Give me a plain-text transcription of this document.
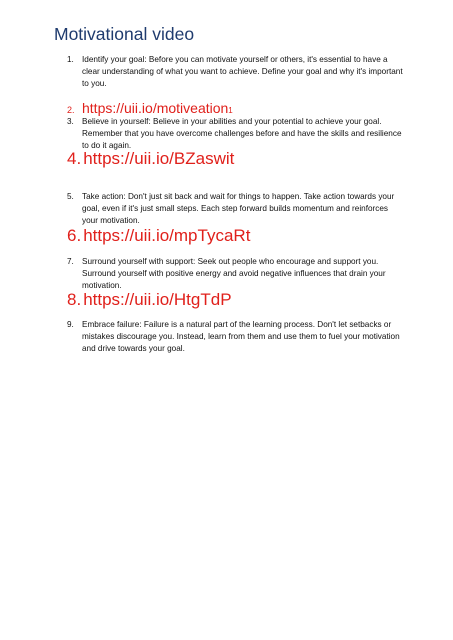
Motivational video
1. Identify your goal: Before you can motivate yourself or others, it's essential to have a clear understanding of what you want to achieve. Define your goal and why it's important to you.
2. https://uii.io/motiveation1
3. Believe in yourself: Believe in your abilities and your potential to achieve your goal. Remember that you have overcome challenges before and have the skills and resilience to do it again.
4. https://uii.io/BZaswit
5. Take action: Don't just sit back and wait for things to happen. Take action towards your goal, even if it's just small steps. Each step forward builds momentum and reinforces your motivation.
6. https://uii.io/mpTycaRt
7. Surround yourself with support: Seek out people who encourage and support you. Surround yourself with positive energy and avoid negative influences that drain your motivation.
8. https://uii.io/HtgTdP
9. Embrace failure: Failure is a natural part of the learning process. Don't let setbacks or mistakes discourage you. Instead, learn from them and use them to fuel your motivation and drive towards your goal.
